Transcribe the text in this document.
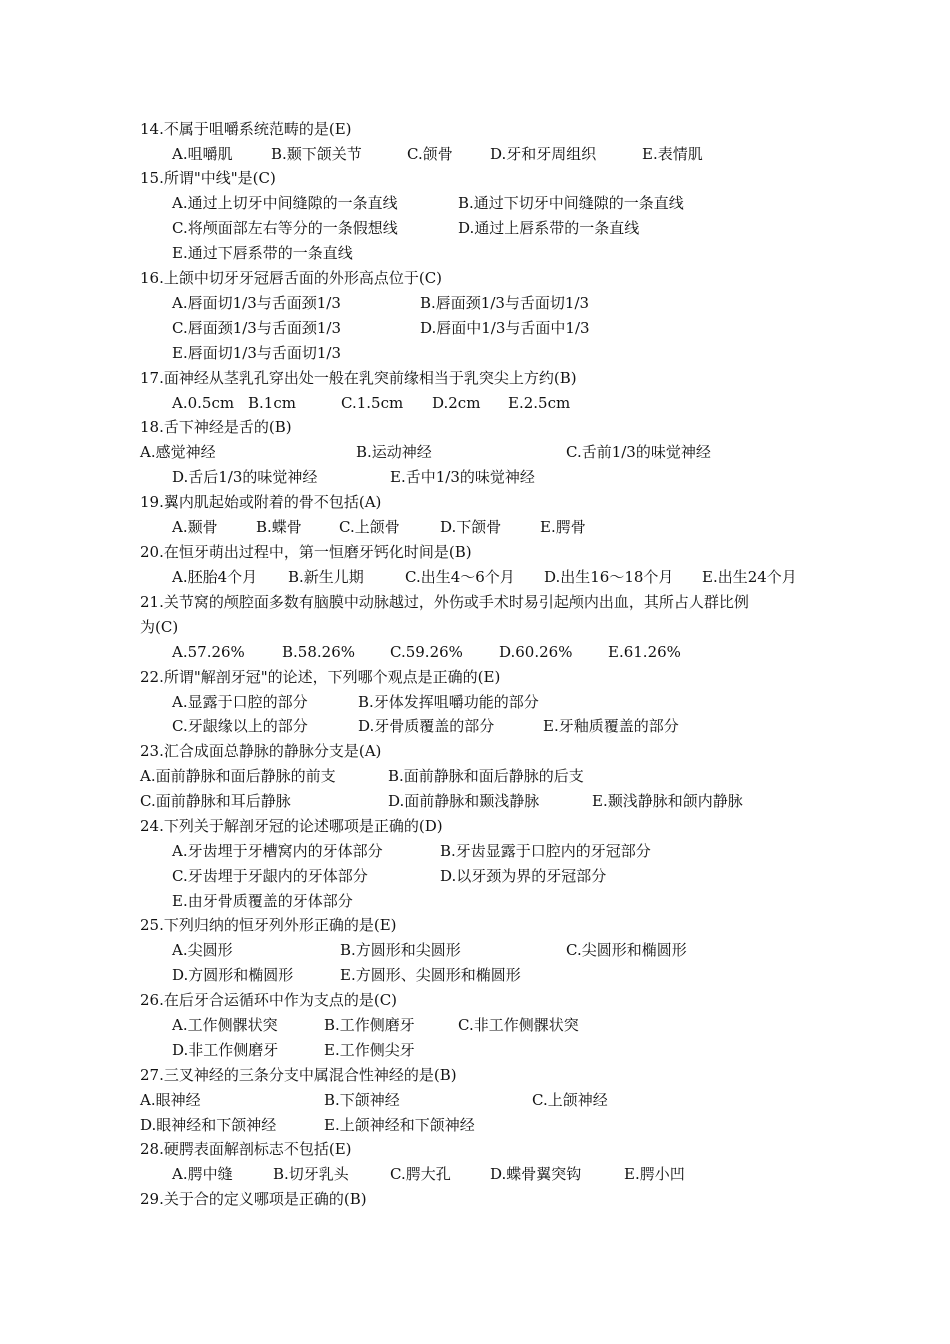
14.不属于咀嚼系统范畴的是(E)
A.咀嚼肌	B.颞下颌关节	C.颌骨 D.牙和牙周组织	E.表情肌
15.所谓"中线"是(C)
A.通过上切牙中间缝隙的一条直线	B.通过下切牙中间缝隙的一条直线
C.将颅面部左右等分的一条假想线	D.通过上唇系带的一条直线
E.通过下唇系带的一条直线
16.上颌中切牙牙冠唇舌面的外形高点位于(C)
A.唇面切1/3与舌面颈1/3	B.唇面颈1/3与舌面切1/3
C.唇面颈1/3与舌面颈1/3	D.唇面中1/3与舌面中1/3
E.唇面切1/3与舌面切1/3
17.面神经从茎乳孔穿出处一般在乳突前缘相当于乳突尖上方约(B)
A.0.5cm B.1cm	C.1.5cm D.2cm E.2.5cm
18.舌下神经是舌的(B)
A.感觉神经	B.运动神经	C.舌前1/3的味觉神经
D.舌后1/3的味觉神经	E.舌中1/3的味觉神经
19.翼内肌起始或附着的骨不包括(A)
A.颞骨	B.蝶骨 C.上颌骨	D.下颌骨	E.腭骨
20.在恒牙萌出过程中，第一恒磨牙钙化时间是(B)
A.胚胎4个月 B.新生儿期	C.出生4～6个月 D.出生16～18个月 E.出生24个月
21.关节窝的颅腔面多数有脑膜中动脉越过，外伤或手术时易引起颅内出血，其所占人群比例
为(C)
A.57.26% B.58.26% C.59.26% D.60.26% E.61.26%
22.所谓"解剖牙冠"的论述，下列哪个观点是正确的(E)
A.显露于口腔的部分	B.牙体发挥咀嚼功能的部分
C.牙龈缘以上的部分	D.牙骨质覆盖的部分	E.牙釉质覆盖的部分
23.汇合成面总静脉的静脉分支是(A)
A.面前静脉和面后静脉的前支	B.面前静脉和面后静脉的后支
C.面前静脉和耳后静脉	D.面前静脉和颞浅静脉	E.颞浅静脉和颌内静脉
24.下列关于解剖牙冠的论述哪项是正确的(D)
A.牙齿埋于牙槽窝内的牙体部分	B.牙齿显露于口腔内的牙冠部分
C.牙齿埋于牙龈内的牙体部分	D.以牙颈为界的牙冠部分
E.由牙骨质覆盖的牙体部分
25.下列归纳的恒牙列外形正确的是(E)
A.尖圆形	B.方圆形和尖圆形	C.尖圆形和椭圆形
D.方圆形和椭圆形	E.方圆形、尖圆形和椭圆形
26.在后牙合运循环中作为支点的是(C)
A.工作侧髁状突	B.工作侧磨牙	C.非工作侧髁状突
D.非工作侧磨牙	E.工作侧尖牙
27.三叉神经的三条分支中属混合性神经的是(B)
A.眼神经	B.下颌神经	C.上颌神经
D.眼神经和下颌神经	E.上颌神经和下颌神经
28.硬腭表面解剖标志不包括(E)
A.腭中缝	B.切牙乳头	C.腭大孔	D.蝶骨翼突钩	E.腭小凹
29.关于合的定义哪项是正确的(B)
